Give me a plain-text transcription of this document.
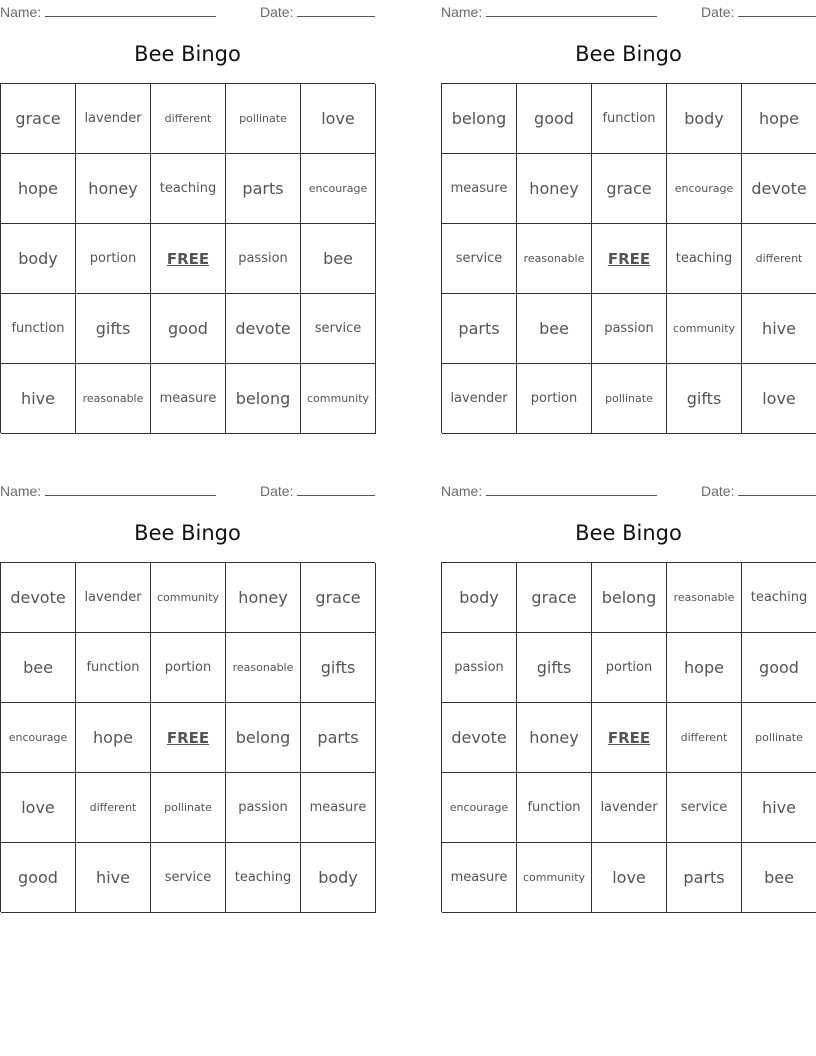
Name:	Date:
Bee Bingo
grace	lavender	different	pollinate	love
hope	honey	teaching	parts	encourage
body	portion	FREE	passion	bee
function	gifts	good	devote	service
hive	reasonable	measure	belong	community
Name:	Date:
Bee Bingo
belong	good	function	body	hope
measure	honey	grace	encourage	devote
service	reasonable	FREE	teaching	different
parts	bee	passion	community	hive
lavender	portion	pollinate	gifts	love
Name:	Date:
Bee Bingo
devote	lavender	community	honey	grace
bee	function	portion	reasonable	gifts
encourage	hope	FREE	belong	parts
love	different	pollinate	passion	measure
good	hive	service	teaching	body
Name:	Date:
Bee Bingo
body	grace	belong	reasonable	teaching
passion	gifts	portion	hope	good
devote	honey	FREE	different	pollinate
encourage	function	lavender	service	hive
measure	community	love	parts	bee
